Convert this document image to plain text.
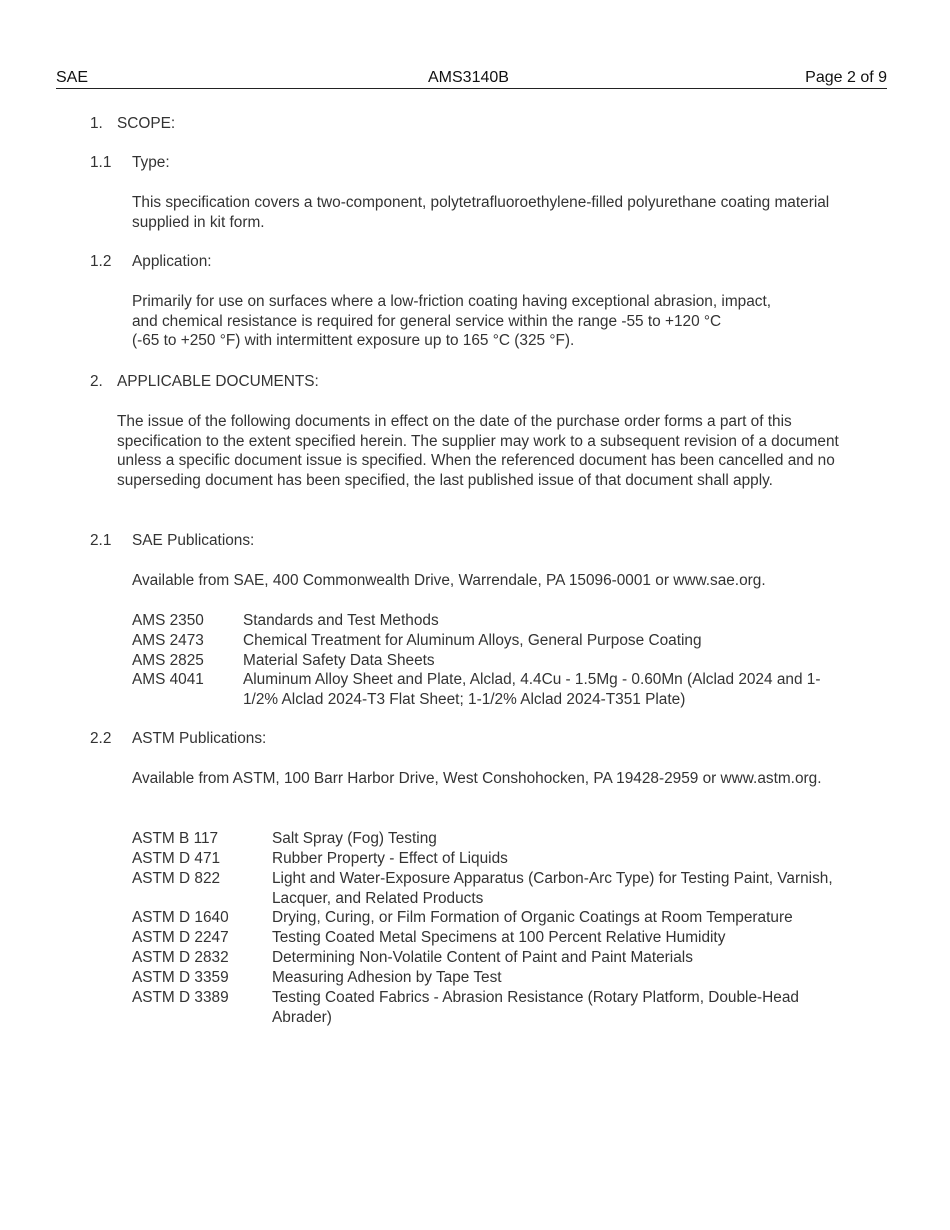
SAE	AMS3140B	Page 2 of 9
1. SCOPE:
1.1 Type:
This specification covers a two-component, polytetrafluoroethylene-filled polyurethane coating material supplied in kit form.
1.2 Application:
Primarily for use on surfaces where a low-friction coating having exceptional abrasion, impact,
and chemical resistance is required for general service within the range -55 to +120 °C
(-65 to +250 °F) with intermittent exposure up to 165 °C (325 °F).
2. APPLICABLE DOCUMENTS:
The issue of the following documents in effect on the date of the purchase order forms a part of this specification to the extent specified herein. The supplier may work to a subsequent revision of a document unless a specific document issue is specified. When the referenced document has been cancelled and no superseding document has been specified, the last published issue of that document shall apply.
2.1 SAE Publications:
Available from SAE, 400 Commonwealth Drive, Warrendale, PA 15096-0001 or www.sae.org.
AMS 2350	Standards and Test Methods
AMS 2473	Chemical Treatment for Aluminum Alloys, General Purpose Coating
AMS 2825	Material Safety Data Sheets
AMS 4041	Aluminum Alloy Sheet and Plate, Alclad, 4.4Cu - 1.5Mg - 0.60Mn (Alclad 2024 and 1-1/2% Alclad 2024-T3 Flat Sheet; 1-1/2% Alclad 2024-T351 Plate)
2.2 ASTM Publications:
Available from ASTM, 100 Barr Harbor Drive, West Conshohocken, PA 19428-2959 or www.astm.org.
ASTM B 117	Salt Spray (Fog) Testing
ASTM D 471	Rubber Property - Effect of Liquids
ASTM D 822	Light and Water-Exposure Apparatus (Carbon-Arc Type) for Testing Paint, Varnish, Lacquer, and Related Products
ASTM D 1640	Drying, Curing, or Film Formation of Organic Coatings at Room Temperature
ASTM D 2247	Testing Coated Metal Specimens at 100 Percent Relative Humidity
ASTM D 2832	Determining Non-Volatile Content of Paint and Paint Materials
ASTM D 3359	Measuring Adhesion by Tape Test
ASTM D 3389	Testing Coated Fabrics - Abrasion Resistance (Rotary Platform, Double-Head Abrader)
